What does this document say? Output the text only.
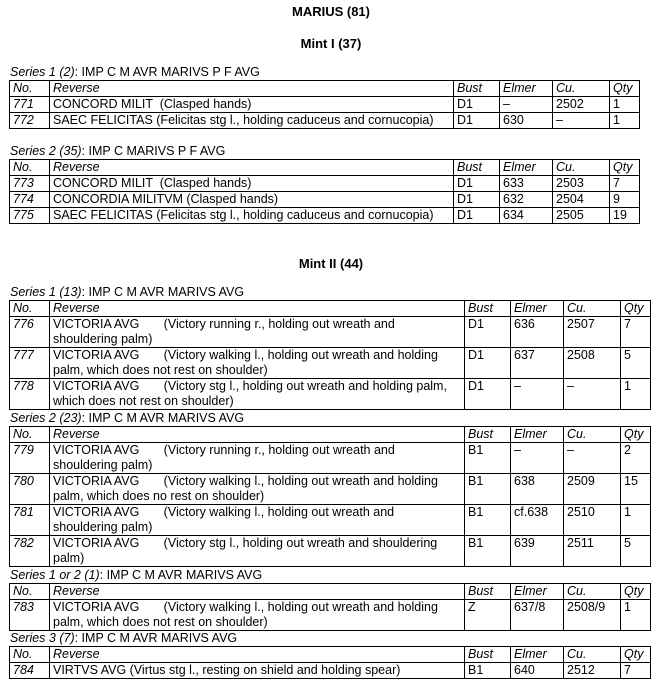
MARIUS (81)
Mint I (37)
Mint II (44)
Series 1 (2): IMP C M AVR MARIVS P F AVG
Series 2 (35): IMP C MARIVS P F AVG
Series 1 (13): IMP C M AVR MARIVS AVG
Series 2 (23): IMP C M AVR MARIVS AVG
Series 1 or 2 (1): IMP C M AVR MARIVS AVG
Series 3 (7): IMP C M AVR MARIVS AVG
No.	Reverse	Bust	Elmer	Cu.	Qty
771	CONCORD MILIT  (Clasped hands)	D1	–	2502	1
772	SAEC FELICITAS (Felicitas stg l., holding caduceus and cornucopia)	D1	630	–	1
No.	Reverse	Bust	Elmer	Cu.	Qty
773	CONCORD MILIT  (Clasped hands)	D1	633	2503	7
774	CONCORDIA MILITVM (Clasped hands)	D1	632	2504	9
775	SAEC FELICITAS (Felicitas stg l., holding caduceus and cornucopia)	D1	634	2505	19
No.	Reverse	Bust	Elmer	Cu.	Qty
776	VICTORIA AVG       (Victory running r., holding out wreath and shouldering palm)	D1	636	2507	7
777	VICTORIA AVG       (Victory walking l., holding out wreath and holding palm, which does not rest on shoulder)	D1	637	2508	5
778	VICTORIA AVG       (Victory stg l., holding out wreath and holding palm, which does not rest on shoulder)	D1	–	–	1
No.	Reverse	Bust	Elmer	Cu.	Qty
779	VICTORIA AVG       (Victory running r., holding out wreath and shouldering palm)	B1	–	–	2
780	VICTORIA AVG       (Victory walking l., holding out wreath and holding palm, which does no rest on shoulder)	B1	638	2509	15
781	VICTORIA AVG       (Victory walking l., holding out wreath and shouldering palm)	B1	cf.638	2510	1
782	VICTORIA AVG       (Victory stg l., holding out wreath and shouldering palm)	B1	639	2511	5
No.	Reverse	Bust	Elmer	Cu.	Qty
783	VICTORIA AVG       (Victory walking l., holding out wreath and holding palm, which does not rest on shoulder)	Z	637/8	2508/9	1
No.	Reverse	Bust	Elmer	Cu.	Qty
784	VIRTVS AVG (Virtus stg l., resting on shield and holding spear)	B1	640	2512	7
